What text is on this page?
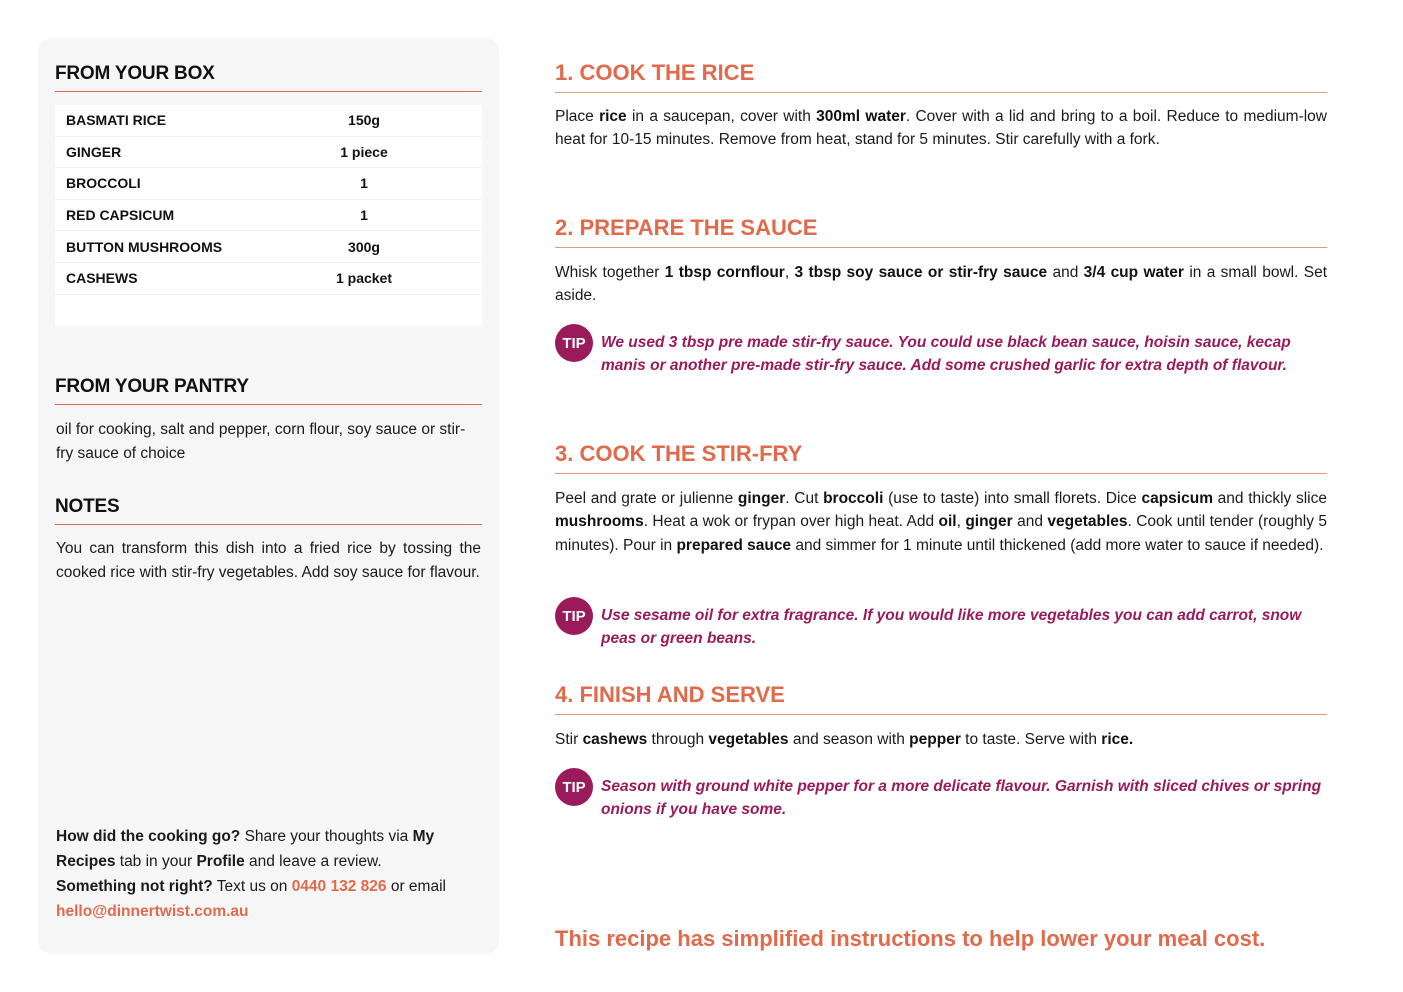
FROM YOUR BOX
BASMATI RICE	150g
GINGER	1 piece
BROCCOLI	1
RED CAPSICUM	1
BUTTON MUSHROOMS	300g
CASHEWS	1 packet
FROM YOUR PANTRY

oil for cooking, salt and pepper, corn flour, soy sauce or stir-fry sauce of choice

NOTES

You can transform this dish into a fried rice by tossing the cooked rice with stir-fry vegetables. Add soy sauce for flavour.

How did the cooking go? Share your thoughts via My Recipes tab in your Profile and leave a review.
Something not right? Text us on 0440 132 826 or email hello@dinnertwist.com.au

1. COOK THE RICE

Place rice in a saucepan, cover with 300ml water. Cover with a lid and bring to a boil. Reduce to medium-low heat for 10-15 minutes. Remove from heat, stand for 5 minutes. Stir carefully with a fork.

2. PREPARE THE SAUCE

Whisk together 1 tbsp cornflour, 3 tbsp soy sauce or stir-fry sauce and 3/4 cup water in a small bowl. Set aside.

TIP We used 3 tbsp pre made stir-fry sauce. You could use black bean sauce, hoisin sauce, kecap manis or another pre-made stir-fry sauce. Add some crushed garlic for extra depth of flavour.

3. COOK THE STIR-FRY

Peel and grate or julienne ginger. Cut broccoli (use to taste) into small florets. Dice capsicum and thickly slice mushrooms. Heat a wok or frypan over high heat. Add oil, ginger and vegetables. Cook until tender (roughly 5 minutes). Pour in prepared sauce and simmer for 1 minute until thickened (add more water to sauce if needed).

TIP Use sesame oil for extra fragrance. If you would like more vegetables you can add carrot, snow peas or green beans.

4. FINISH AND SERVE

Stir cashews through vegetables and season with pepper to taste. Serve with rice.

TIP Season with ground white pepper for a more delicate flavour. Garnish with sliced chives or spring onions if you have some.

This recipe has simplified instructions to help lower your meal cost.
